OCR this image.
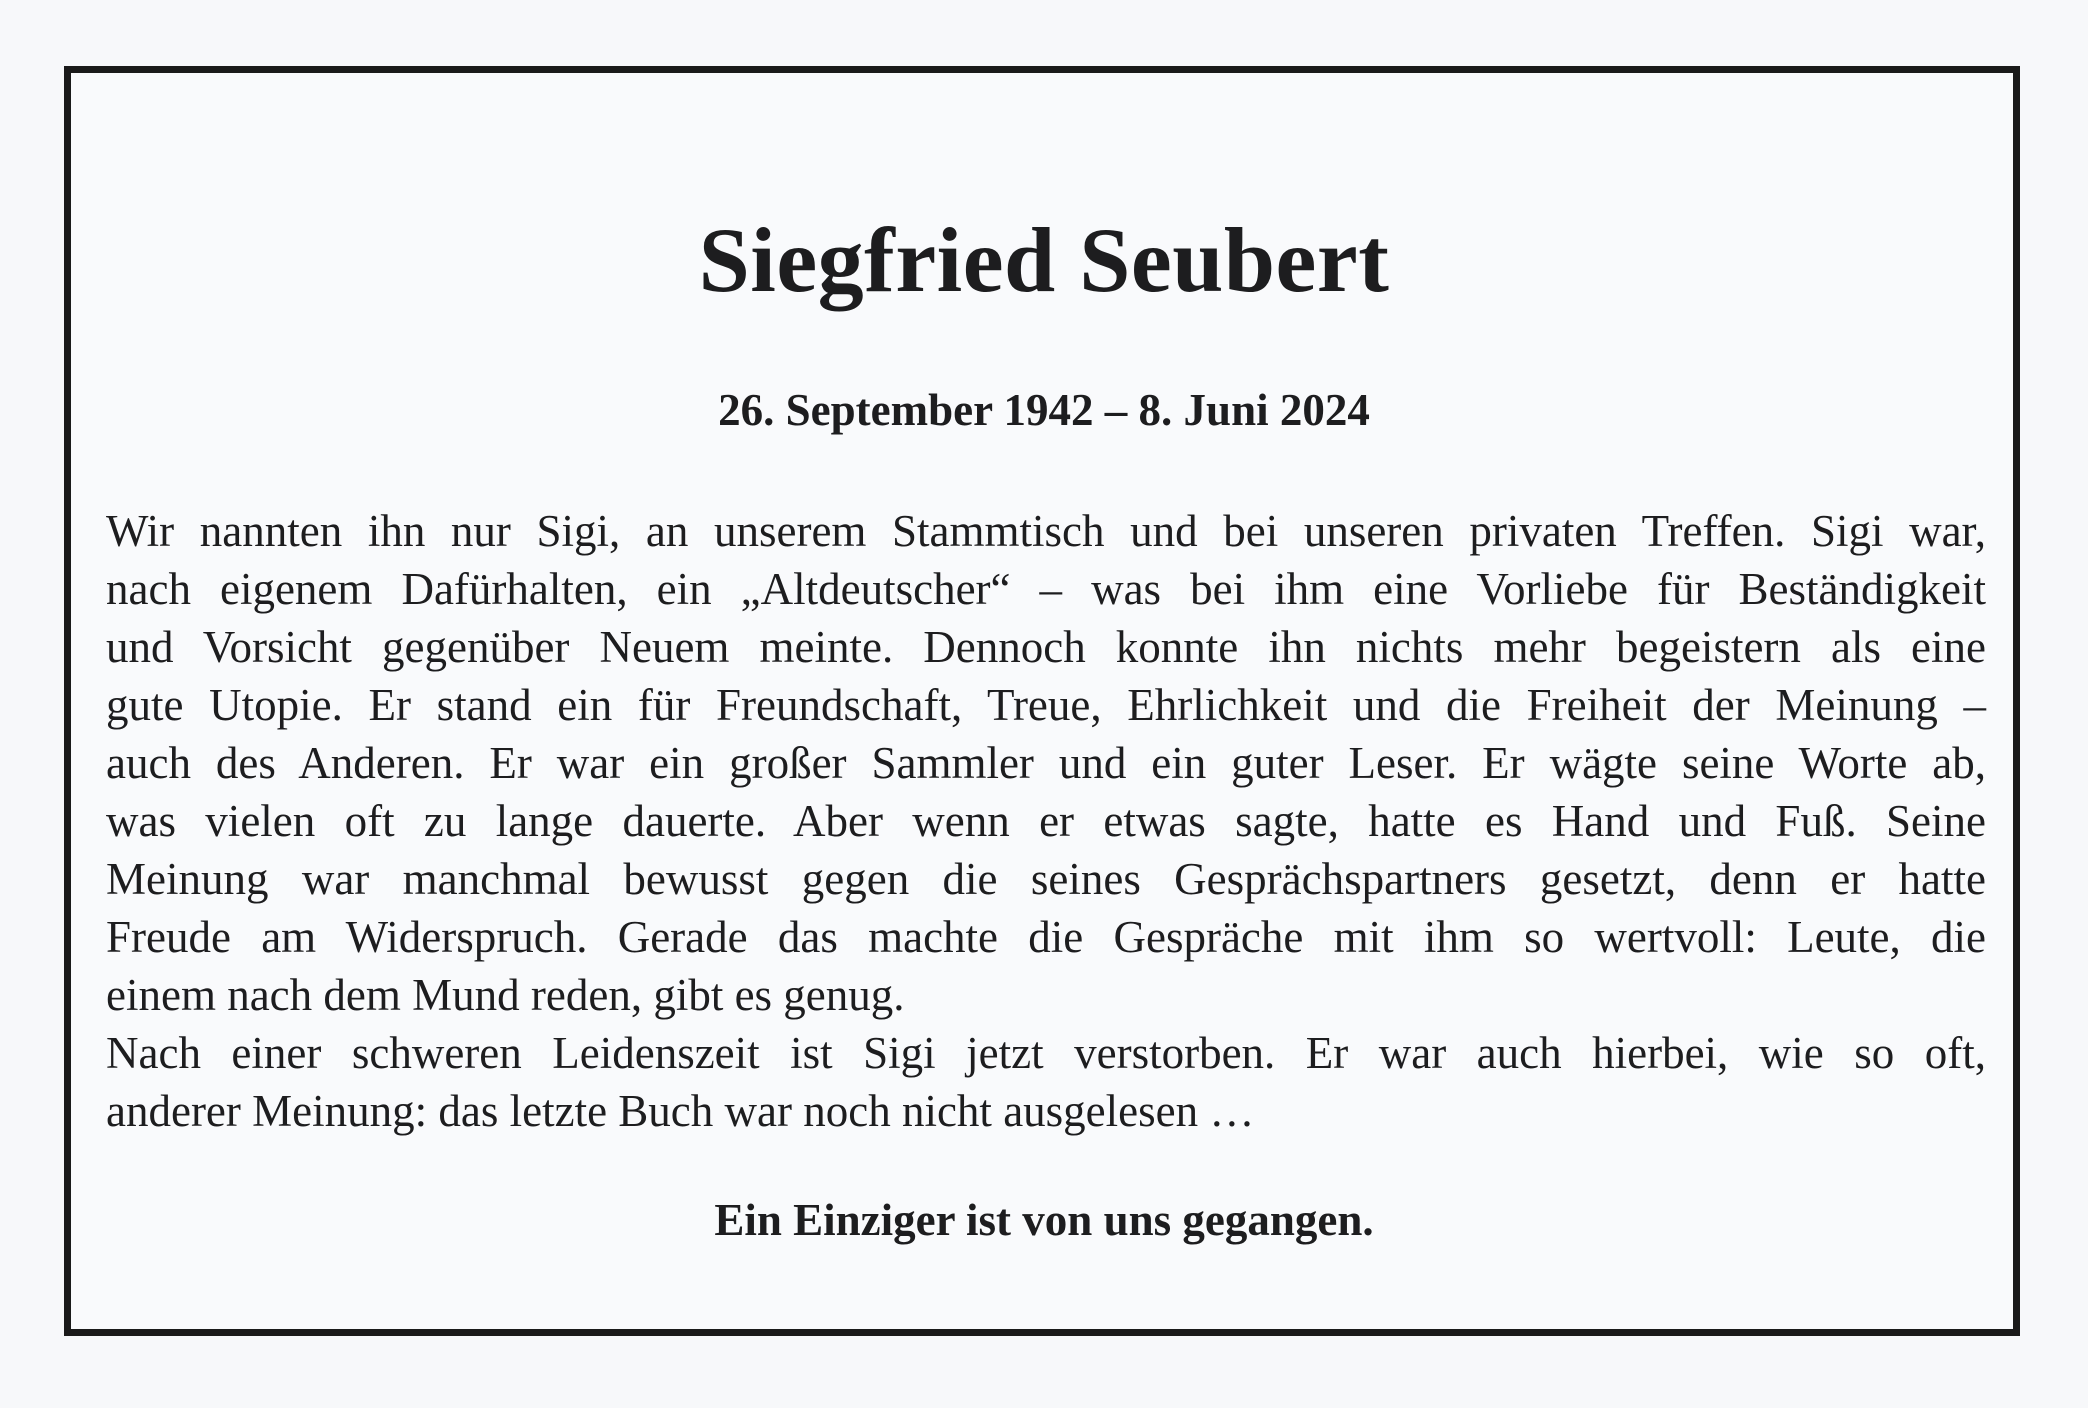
Siegfried Seubert
26. September 1942 – 8. Juni 2024
Wir nannten ihn nur Sigi, an unserem Stammtisch und bei unseren privaten Treffen. Sigi war,
nach eigenem Dafürhalten, ein „Altdeutscher“ – was bei ihm eine Vorliebe für Beständigkeit
und Vorsicht gegenüber Neuem meinte. Dennoch konnte ihn nichts mehr begeistern als eine
gute Utopie. Er stand ein für Freundschaft, Treue, Ehrlichkeit und die Freiheit der Meinung –
auch des Anderen. Er war ein großer Sammler und ein guter Leser. Er wägte seine Worte ab,
was vielen oft zu lange dauerte. Aber wenn er etwas sagte, hatte es Hand und Fuß. Seine
Meinung war manchmal bewusst gegen die seines Gesprächspartners gesetzt, denn er hatte
Freude am Widerspruch. Gerade das machte die Gespräche mit ihm so wertvoll: Leute, die
einem nach dem Mund reden, gibt es genug.
Nach einer schweren Leidenszeit ist Sigi jetzt verstorben. Er war auch hierbei, wie so oft,
anderer Meinung: das letzte Buch war noch nicht ausgelesen …
Ein Einziger ist von uns gegangen.
